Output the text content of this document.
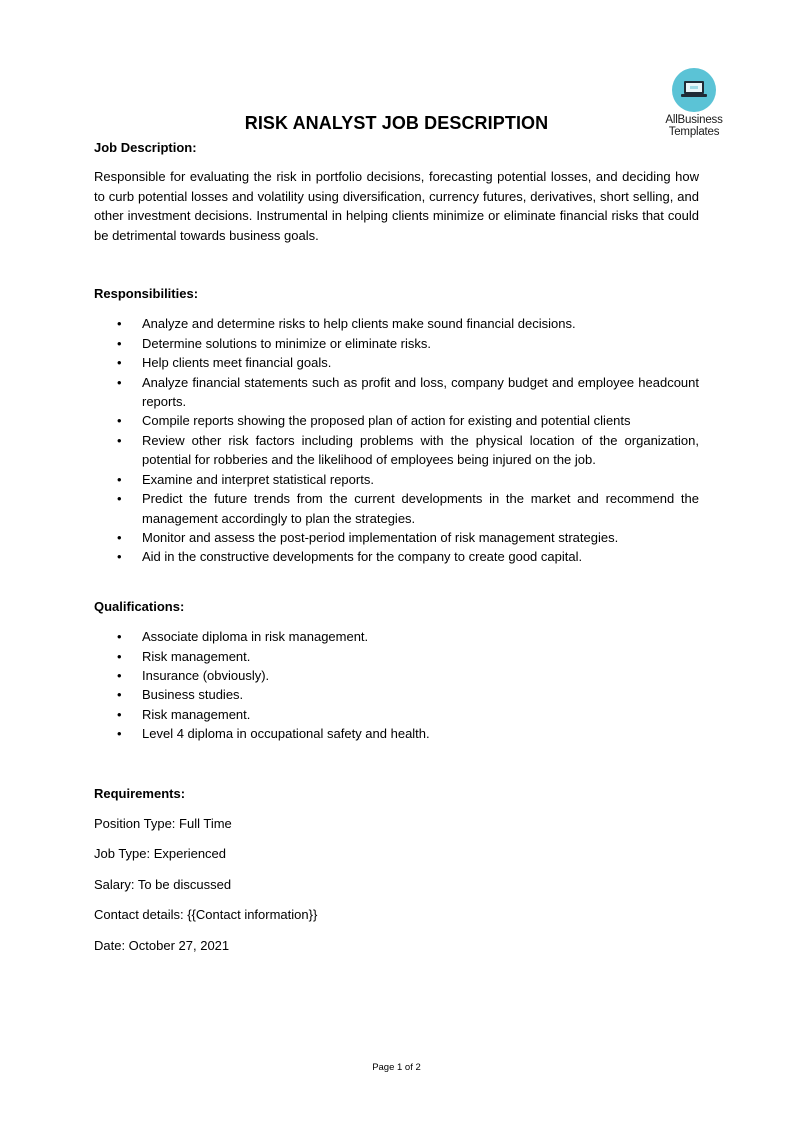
AllBusiness
Templates
RISK ANALYST JOB DESCRIPTION

Job Description:

Responsible for evaluating the risk in portfolio decisions, forecasting potential losses, and deciding how to curb potential losses and volatility using diversification, currency futures, derivatives, short selling, and other investment decisions. Instrumental in helping clients minimize or eliminate financial risks that could be detrimental towards business goals.

Responsibilities:

• Analyze and determine risks to help clients make sound financial decisions.
• Determine solutions to minimize or eliminate risks.
• Help clients meet financial goals.
• Analyze financial statements such as profit and loss, company budget and employee headcount reports.
• Compile reports showing the proposed plan of action for existing and potential clients
• Review other risk factors including problems with the physical location of the organization, potential for robberies and the likelihood of employees being injured on the job.
• Examine and interpret statistical reports.
• Predict the future trends from the current developments in the market and recommend the management accordingly to plan the strategies.
• Monitor and assess the post-period implementation of risk management strategies.
• Aid in the constructive developments for the company to create good capital.

Qualifications:

• Associate diploma in risk management.
• Risk management.
• Insurance (obviously).
• Business studies.
• Risk management.
• Level 4 diploma in occupational safety and health.

Requirements:

Position Type: Full Time

Job Type: Experienced

Salary: To be discussed

Contact details: {{Contact information}}

Date: October 27, 2021

Page 1 of 2
